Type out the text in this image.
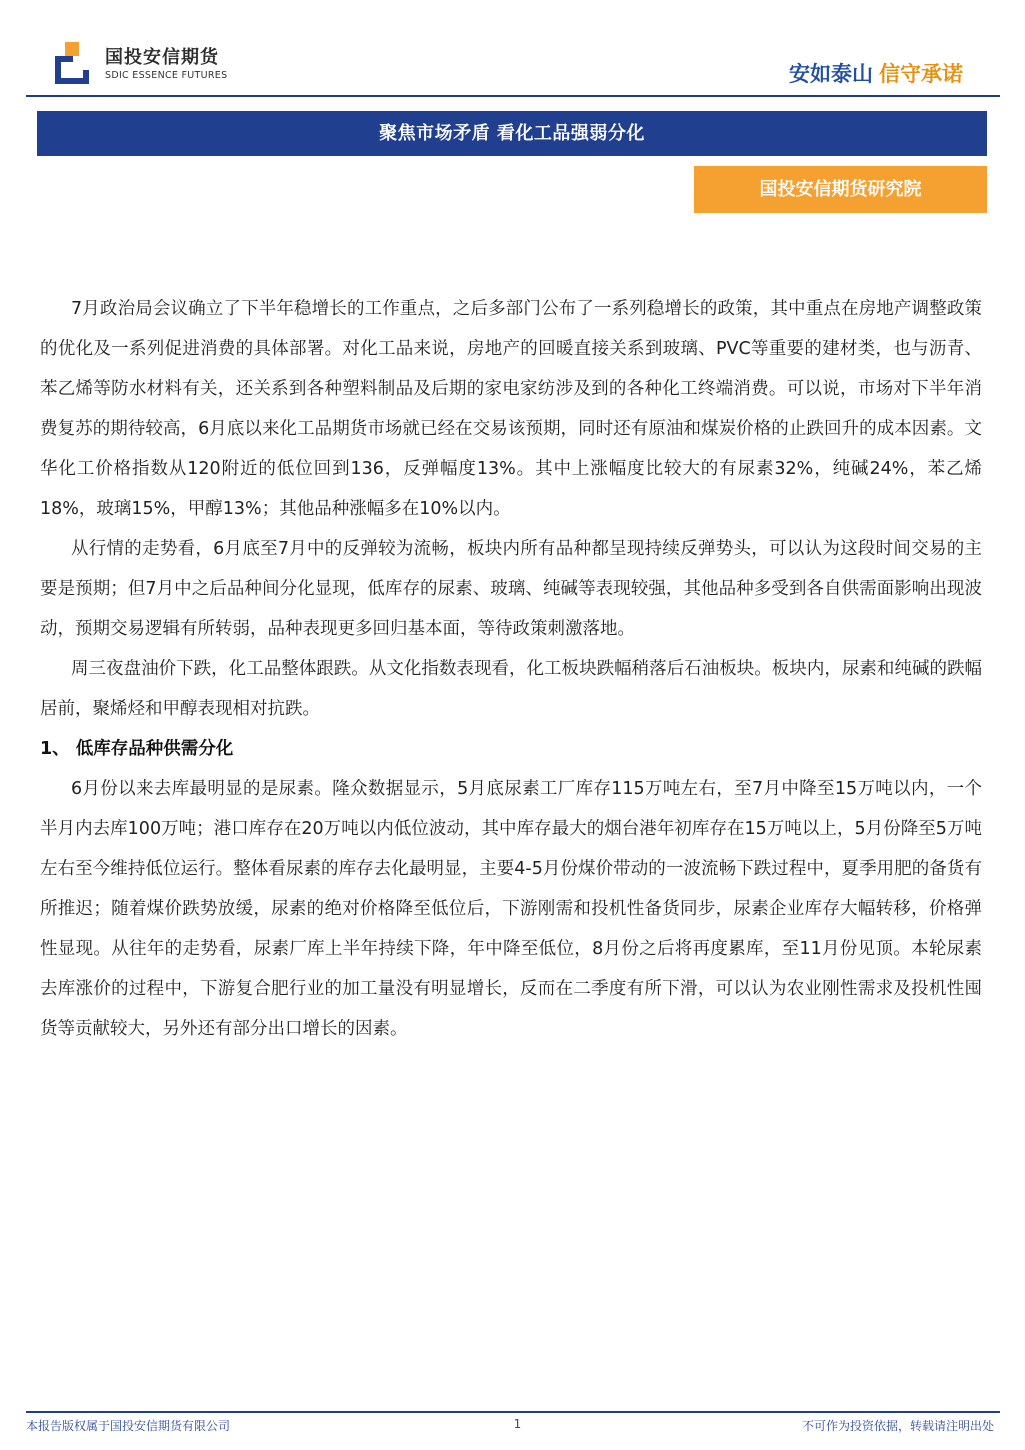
国投安信期货
SDIC ESSENCE FUTURES	安如泰山 信守承诺
聚焦市场矛盾 看化工品强弱分化
国投安信期货研究院

7月政治局会议确立了下半年稳增长的工作重点，之后多部门公布了一系列稳增长的政策，其中重点在房地产调整政策的优化及一系列促进消费的具体部署。对化工品来说，房地产的回暖直接关系到玻璃、PVC等重要的建材类，也与沥青、苯乙烯等防水材料有关，还关系到各种塑料制品及后期的家电家纺涉及到的各种化工终端消费。可以说，市场对下半年消费复苏的期待较高，6月底以来化工品期货市场就已经在交易该预期，同时还有原油和煤炭价格的止跌回升的成本因素。文华化工价格指数从120附近的低位回到136，反弹幅度13%。其中上涨幅度比较大的有尿素32%，纯碱24%，苯乙烯18%，玻璃15%，甲醇13%；其他品种涨幅多在10%以内。

从行情的走势看，6月底至7月中的反弹较为流畅，板块内所有品种都呈现持续反弹势头，可以认为这段时间交易的主要是预期；但7月中之后品种间分化显现，低库存的尿素、玻璃、纯碱等表现较强，其他品种多受到各自供需面影响出现波动，预期交易逻辑有所转弱，品种表现更多回归基本面，等待政策刺激落地。

周三夜盘油价下跌，化工品整体跟跌。从文化指数表现看，化工板块跌幅稍落后石油板块。板块内，尿素和纯碱的跌幅居前，聚烯烃和甲醇表现相对抗跌。

1、 低库存品种供需分化

6月份以来去库最明显的是尿素。隆众数据显示，5月底尿素工厂库存115万吨左右，至7月中降至15万吨以内，一个半月内去库100万吨；港口库存在20万吨以内低位波动，其中库存最大的烟台港年初库存在15万吨以上，5月份降至5万吨左右至今维持低位运行。整体看尿素的库存去化最明显，主要4-5月份煤价带动的一波流畅下跌过程中，夏季用肥的备货有所推迟；随着煤价跌势放缓，尿素的绝对价格降至低位后，下游刚需和投机性备货同步，尿素企业库存大幅转移，价格弹性显现。从往年的走势看，尿素厂库上半年持续下降，年中降至低位，8月份之后将再度累库，至11月份见顶。本轮尿素去库涨价的过程中，下游复合肥行业的加工量没有明显增长，反而在二季度有所下滑，可以认为农业刚性需求及投机性囤货等贡献较大，另外还有部分出口增长的因素。

本报告版权属于国投安信期货有限公司	1	不可作为投资依据，转载请注明出处
